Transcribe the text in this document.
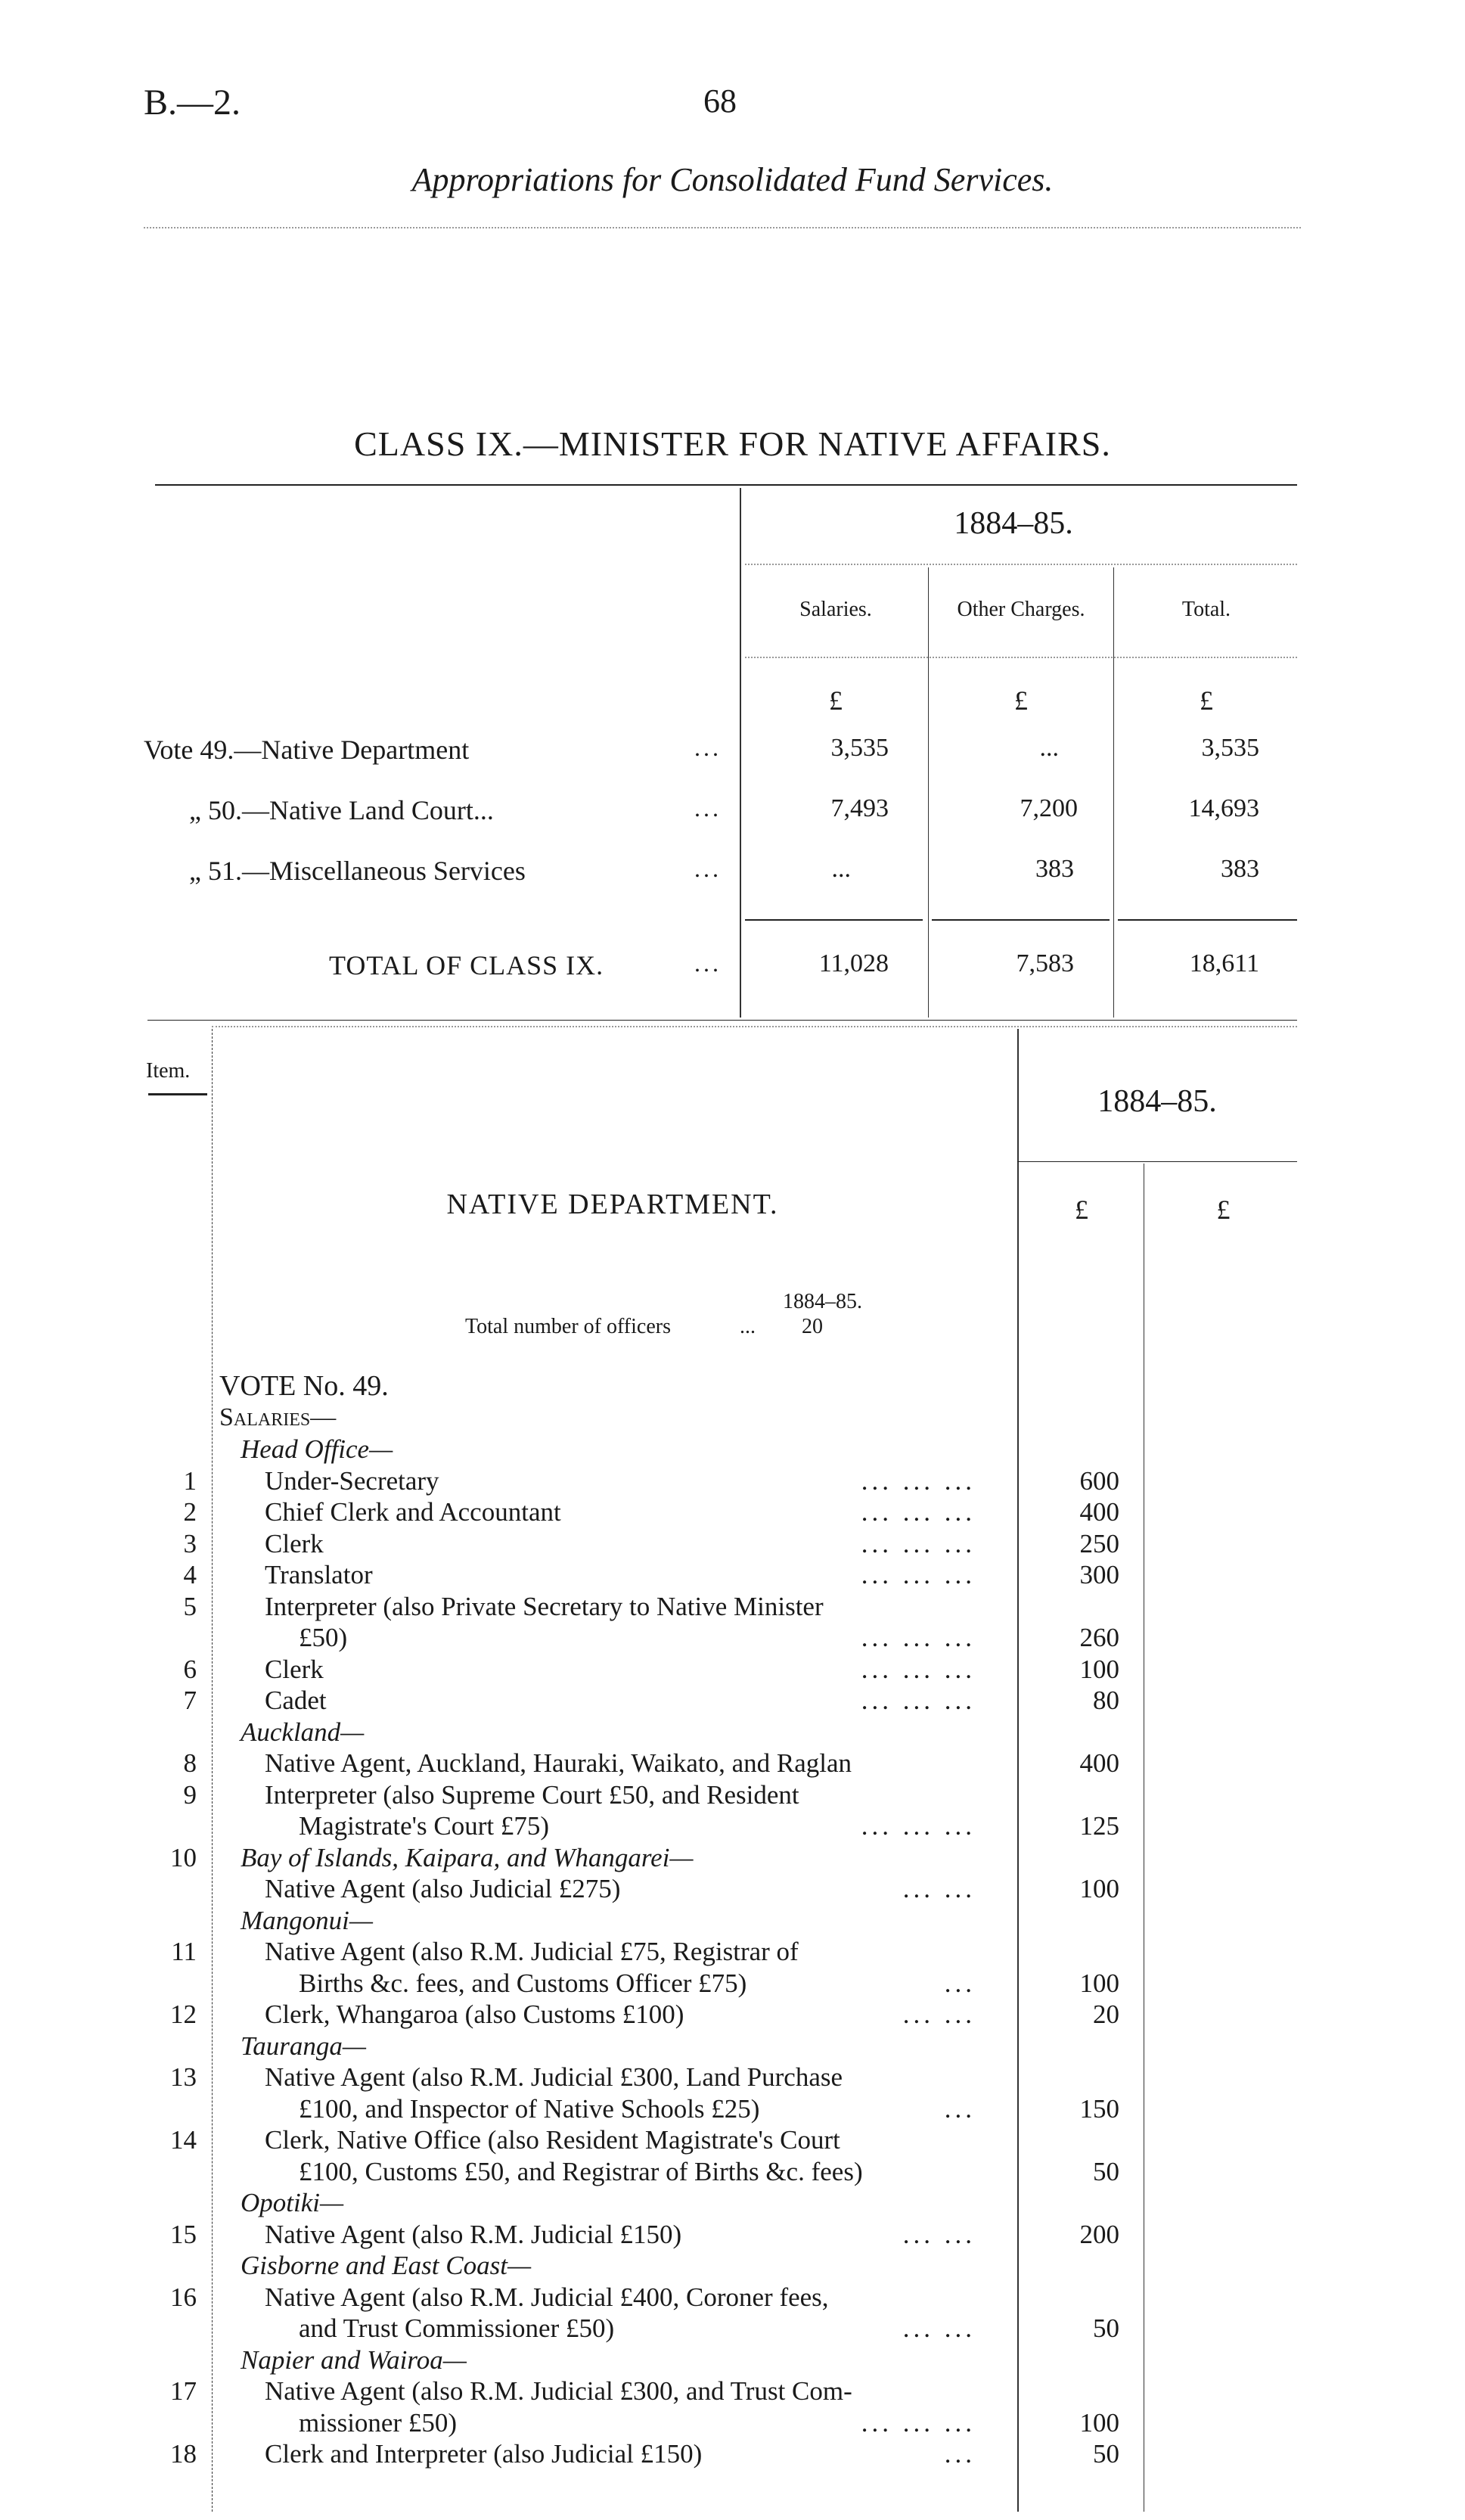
B.—2.	68
Appropriations for Consolidated Fund Services.
CLASS IX.—MINISTER FOR NATIVE AFFAIRS.
1884–85.
Salaries.	Other Charges.	Total.
£	£	£
Vote 49.—Native Department	...	3,535	...	3,535
„ 50.—Native Land Court...	...	7,493	7,200	14,693
„ 51.—Miscellaneous Services	...	...	383	383
TOTAL OF CLASS IX.	...	11,028	7,583	18,611
Item.
1884–85.
£	£
NATIVE DEPARTMENT.
1884–85.
Total number of officers	... 20
VOTE No. 49.
Salaries—
Head Office—
1	Under-Secretary	... ... ...	600
2	Chief Clerk and Accountant	... ... ...	400
3	Clerk	... ... ...	250
4	Translator	... ... ...	300
5	Interpreter (also Private Secretary to Native Minister
£50)	... ... ...	260
6	Clerk	... ... ...	100
7	Cadet	... ... ...	80
Auckland—
8	Native Agent, Auckland, Hauraki, Waikato, and Raglan	400
9	Interpreter (also Supreme Court £50, and Resident
Magistrate's Court £75)	... ... ...	125
10 Bay of Islands, Kaipara, and Whangarei—
Native Agent (also Judicial £275)	... ...	100
Mangonui—
11	Native Agent (also R.M. Judicial £75, Registrar of
Births &c. fees, and Customs Officer £75)	...	100
12	Clerk, Whangaroa (also Customs £100)	... ...	20
Tauranga—
13	Native Agent (also R.M. Judicial £300, Land Purchase
£100, and Inspector of Native Schools £25)	...	150
14	Clerk, Native Office (also Resident Magistrate's Court
£100, Customs £50, and Registrar of Births &c. fees)	50
Opotiki—
15	Native Agent (also R.M. Judicial £150)	... ...	200
Gisborne and East Coast—
16	Native Agent (also R.M. Judicial £400, Coroner fees,
and Trust Commissioner £50)	... ...	50
Napier and Wairoa—
17	Native Agent (also R.M. Judicial £300, and Trust Com-
missioner £50)	... ... ...	100
18	Clerk and Interpreter (also Judicial £150)	...	50
